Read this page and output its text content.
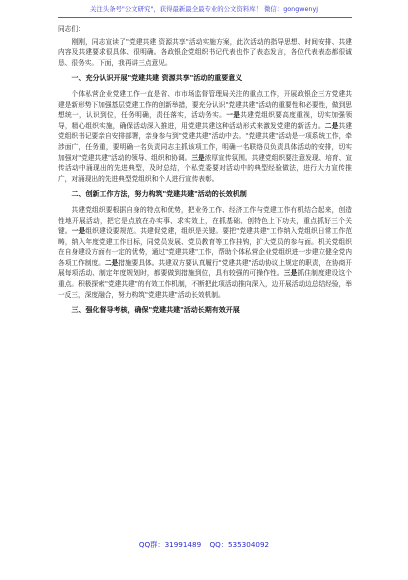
关注头条号"公文研究"，获得最新最全最专业的公文资料库！ 微信：gongwenyj

同志们：

刚刚，同志宣读了"党建共建 资源共享"活动实施方案，此次活动的指导思想、时间安排、共建内容及共建要求很具体、很明确。各政银企党组织书记代表也作了表态发言，各位代表表态都很诚恳、很务实。下面，我再讲三点意见。

一、充分认识开展"党建共建 资源共享"活动的重要意义

个体私营企业党建工作一直是省、市市场监督管理局关注的重点工作，开展政银企三方党建共建是新形势下加强基层党建工作的创新举措，要充分认识"党建共建"活动的重要性和必要性，做到思想统一，认识到位，任务明确，责任落实，活动务实。一是共建党组织要高度重视，切实加强领导，精心组织实施，确保活动深入推进，用党建共建这种活动形式来激发党建的新活力。二是共建党组织书记要亲自安排部署，亲身参与到"党建共建"活动中去。"党建共建"活动是一项系统工作，牵涉面广，任务重，要明确一名负责同志主抓该项工作，明确一名联络员负责具体活动的安排，切实加强对"党建共建"活动的领导、组织和协调。三是浓厚宣传氛围。共建党组织要注意发现、培育、宣传活动中涌现出的先进典型，及时总结，个私党委要对活动中的典型经验做法，进行大力宣传推广，对涌现出的先进典型党组织和个人进行宣传表彰。

二、创新工作方法，努力构筑"党建共建"活动的长效机制

共建党组织要根据自身的特点和优势，把业务工作、经济工作与党建工作有机结合起来，创造性地开展活动，把它是点放在办实事、求实效上，在抓基础、创特色上下功夫，重点抓好三个关键。一是组织建设要规范。共建促党建，组织是关键。要把"党建共建"工作纳入党组织日常工作范畴，纳入年度党建工作目标，同党员发展、党员教育等工作挂钩，扩大党员的参与面。机关党组织在自身建设方面有一定的优势，通过"党建共建"工作，帮助个体私营企业党组织进一步建立健全党内各项工作制度。二是措施要具体。共建双方要认真履行"党建共建"活动协议上规定的职责，在协商开展每项活动、制定年度规划时，都要做到措施到位，具有较强的可操作性。三是抓住制度建设这个重点。积极探索"党建共建"的有效工作机制，不断把此项活动推向深入，边开展活动边总结经验，举一反三，深度融合，努力构筑"党建共建"活动长效机制。

三、强化督导考核，确保"党建共建"活动长期有效开展

QQ群：31991489 QQ：535304092
